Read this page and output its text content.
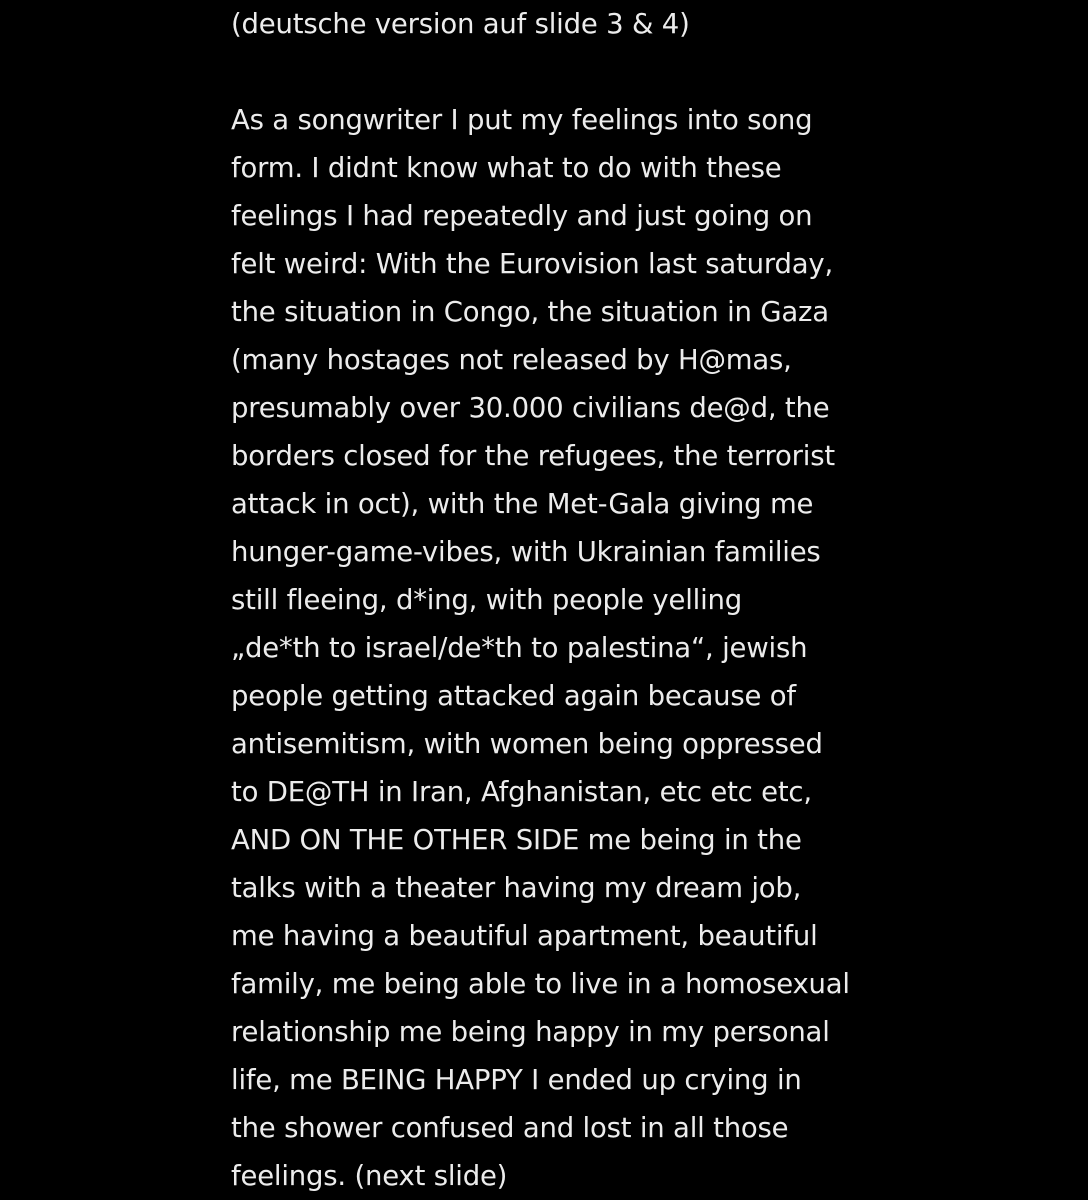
(deutsche version auf slide 3 & 4)
As a songwriter I put my feelings into song
form. I didnt know what to do with these
feelings I had repeatedly and just going on
felt weird: With the Eurovision last saturday,
the situation in Congo, the situation in Gaza
(many hostages not released by H@mas,
presumably over 30.000 civilians de@d, the
borders closed for the refugees, the terrorist
attack in oct), with the Met-Gala giving me
hunger-game-vibes, with Ukrainian families
still fleeing, d*ing, with people yelling
„de*th to israel/de*th to palestina“, jewish
people getting attacked again because of
antisemitism, with women being oppressed
to DE@TH in Iran, Afghanistan, etc etc etc,
AND ON THE OTHER SIDE me being in the
talks with a theater having my dream job,
me having a beautiful apartment, beautiful
family, me being able to live in a homosexual
relationship me being happy in my personal
life, me BEING HAPPY I ended up crying in
the shower confused and lost in all those
feelings. (next slide)
